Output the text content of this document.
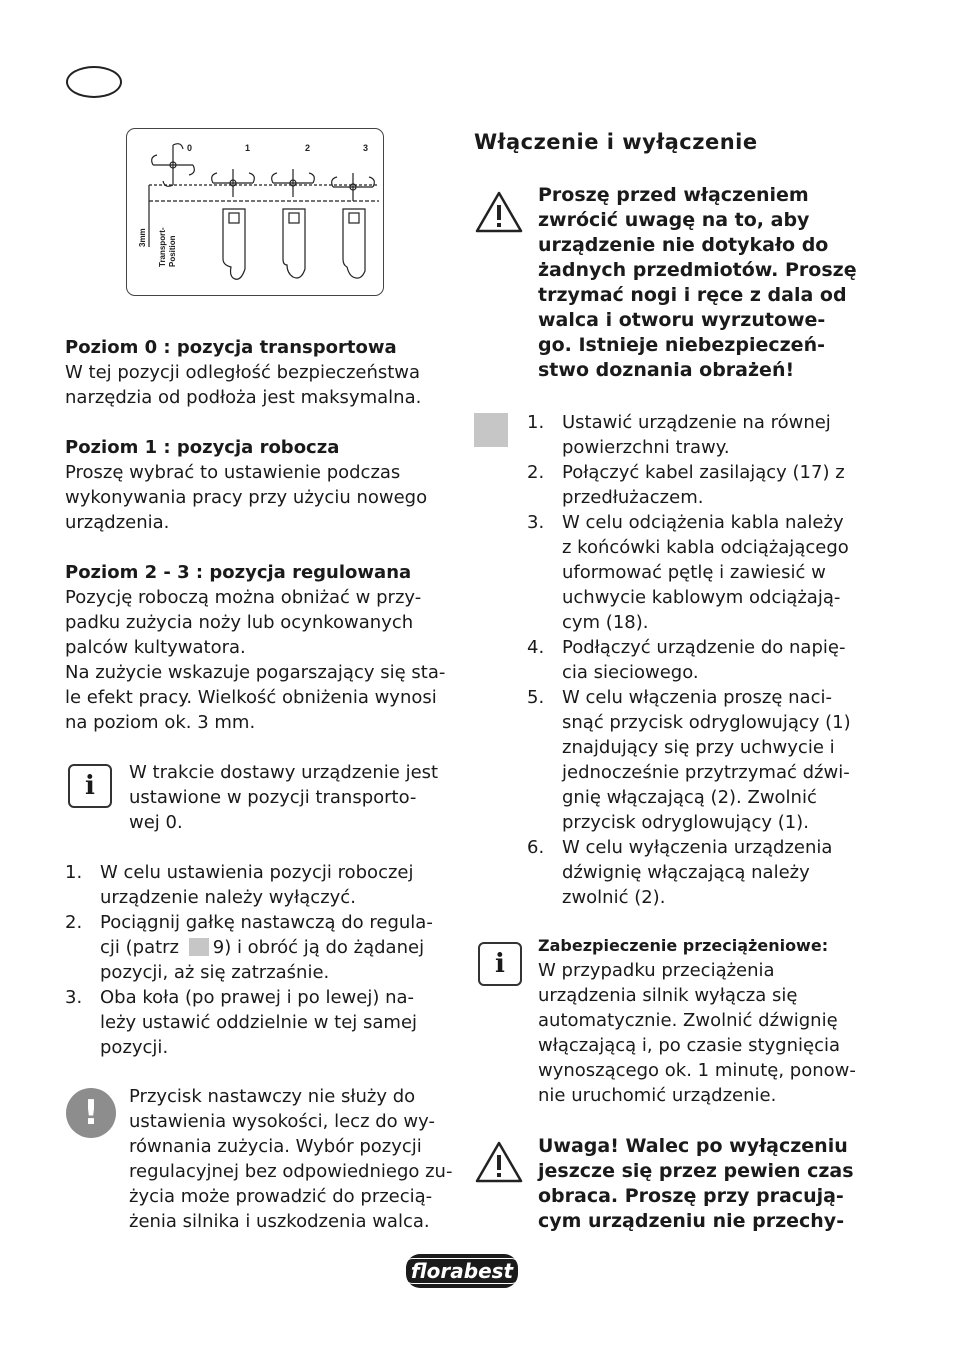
0	1	2	3
3mm Transport- Position

Poziom 0 : pozycja transportowa

W tej pozycji odległość bezpieczeństwa

narzędzia od podłoża jest maksymalna.

Poziom 1 : pozycja robocza

Proszę wybrać to ustawienie podczas

wykonywania pracy przy użyciu nowego

urządzenia.

Poziom 2 - 3 : pozycja regulowana

Pozycję roboczą można obniżać w przy-

padku zużycia noży lub ocynkowanych

palców kultywatora.

Na zużycie wskazuje pogarszający się sta-

le efekt pracy. Wielkość obniżenia wynosi

na poziom ok. 3 mm.

i W trakcie dostawy urządzenie jest

ustawione w pozycji transporto-

wej 0.

1. W celu ustawienia pozycji roboczej

urządzenie należy wyłączyć.

2. Pociągnij gałkę nastawczą do regula-

cji (patrz 9) i obróć ją do żądanej

pozycji, aż się zatrzaśnie.

3. Oba koła (po prawej i po lewej) na-

leży ustawić oddzielnie w tej samej

pozycji.

!	Przycisk nastawczy nie służy do

ustawienia wysokości, lecz do wy-

równania zużycia. Wybór pozycji

regulacyjnej bez odpowiedniego zu-

życia może prowadzić do przecią-

żenia silnika i uszkodzenia walca.

Włączenie i wyłączenie

Proszę przed włączeniem

zwrócić uwagę na to, aby

urządzenie nie dotykało do

żadnych przedmiotów. Proszę

trzymać nogi i ręce z dala od

walca i otworu wyrzutowe-

go. Istnieje niebezpieczeń-

stwo doznania obrażeń!

1. Ustawić urządzenie na równej

powierzchni trawy.

2. Połączyć kabel zasilający (17) z

przedłużaczem.

3. W celu odciążenia kabla należy

z końcówki kabla odciążającego

uformować pętlę i zawiesić w

uchwycie kablowym odciążają-

cym (18).

4. Podłączyć urządzenie do napię-

cia sieciowego.

5. W celu włączenia proszę naci-

snąć przycisk odryglowujący (1)

znajdujący się przy uchwycie i

jednocześnie przytrzymać dźwi-

gnię włączającą (2). Zwolnić

przycisk odryglowujący (1).

6. W celu wyłączenia urządzenia

dźwignię włączającą należy

zwolnić (2).

i

Zabezpieczenie przeciążeniowe:

W przypadku przeciążenia

urządzenia silnik wyłącza się

automatycznie. Zwolnić dźwignię

włączającą i, po czasie stygnięcia

wynoszącego ok. 1 minutę, ponow-

nie uruchomić urządzenie.

Uwaga! Walec po wyłączeniu

jeszcze się przez pewien czas

obraca. Proszę przy pracują-

cym urządzeniu nie przechy-

florabest
